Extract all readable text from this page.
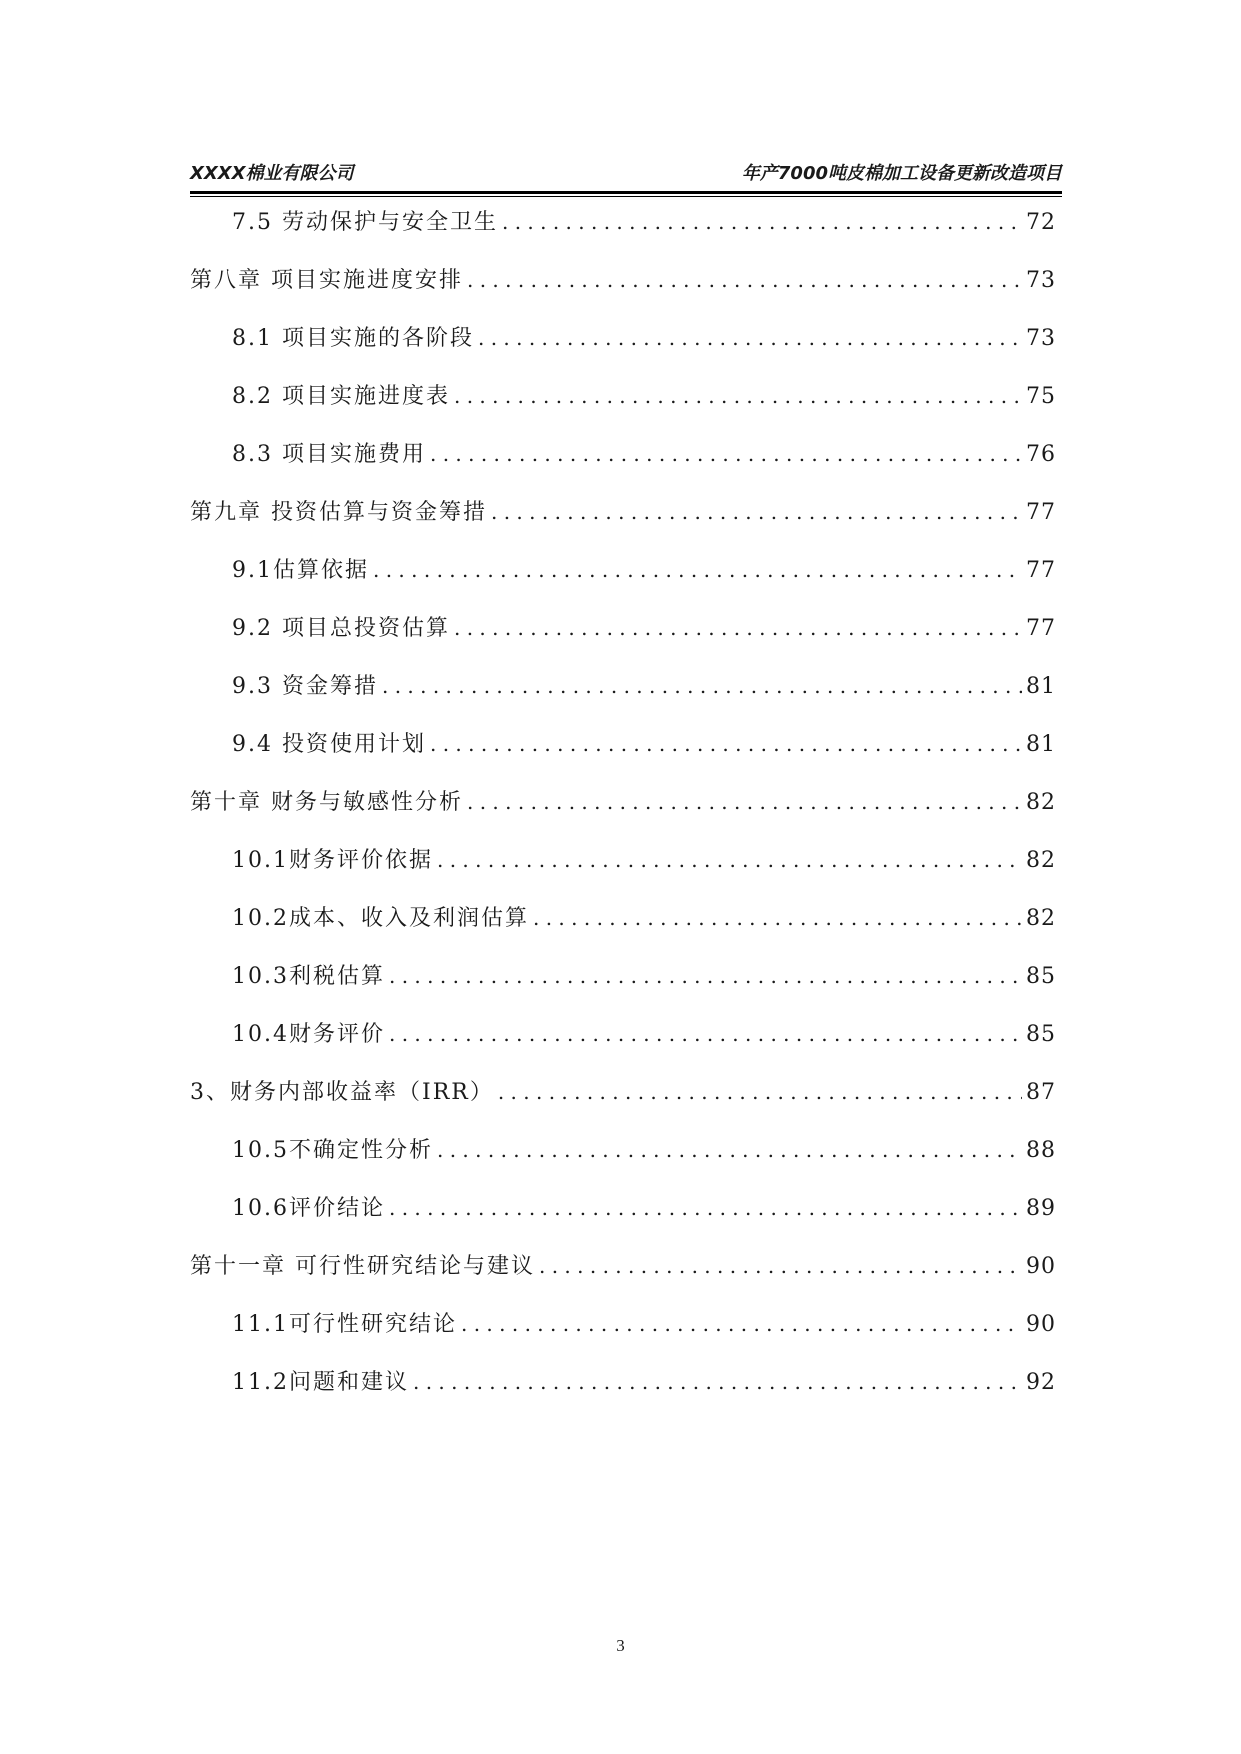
XXXX棉业有限公司	年产7000吨皮棉加工设备更新改造项目
7.5 劳动保护与安全卫生 . . .	72
第八章 项目实施进度安排 . . .	73
8.1 项目实施的各阶段 . . .	73
8.2 项目实施进度表 . . .	75
8.3 项目实施费用 . . .	76
第九章 投资估算与资金筹措 . . .	77
9.1估算依据 . . .	77
9.2 项目总投资估算 . . .	77
9.3 资金筹措 . . .	81
9.4 投资使用计划 . . .	81
第十章 财务与敏感性分析 . . .	82
10.1财务评价依据 . . .	82
10.2成本、收入及利润估算 . . .	82
10.3利税估算 . . .	85
10.4财务评价 . . .	85
3、财务内部收益率（IRR） . . .	87
10.5不确定性分析 . . .	88
10.6评价结论 . . .	89
第十一章 可行性研究结论与建议 . . .	90
11.1可行性研究结论 . . .	90
11.2问题和建议 . . .	92
3
